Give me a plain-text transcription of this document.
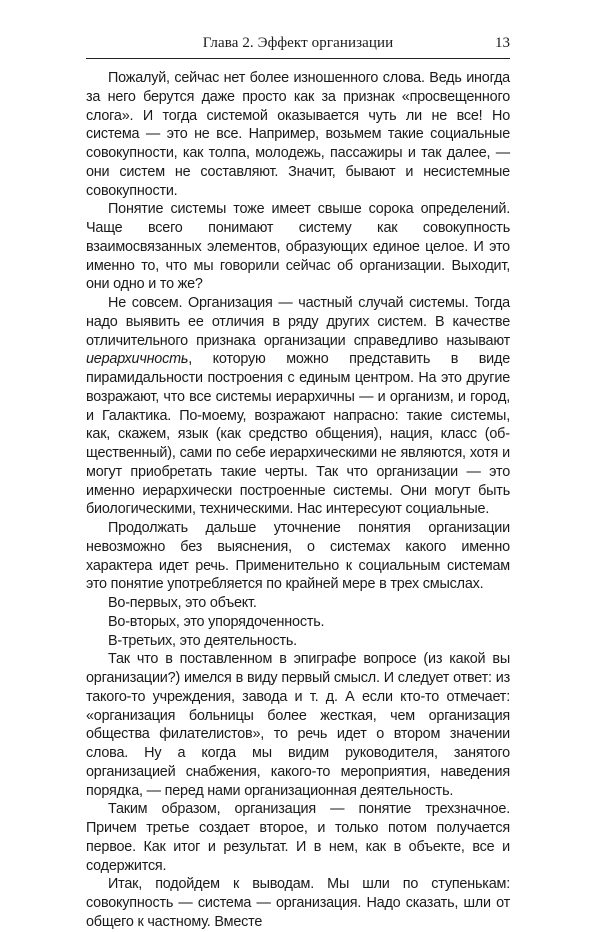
Глава 2. Эффект организации	13

Пожалуй, сейчас нет более изношенного слова. Ведь иногда за него берутся даже просто как за признак «просвещенного слога». И тогда системой оказывается чуть ли не все! Но система — это не все. Например, возьмем такие социальные совокупности, как толпа, молодежь, пассажиры и так далее, — они систем не составляют. Значит, бывают и несистемные совокупности.

Понятие системы тоже имеет свыше сорока определений. Чаще всего понимают систему как совокупность взаимосвязанных элементов, образующих единое целое. И это именно то, что мы говорили сейчас об организации. Выходит, они одно и то же?

Не совсем. Организация — частный случай системы. Тогда надо выявить ее отличия в ряду других систем. В качестве отличительного признака организации справедливо называют иерархичность, которую можно представить в виде пирамидальности построения с единым центром. На это другие возражают, что все системы иерархичны — и организм, и город, и Галактика. По-моему, возражают напрасно: такие системы, как, скажем, язык (как средство общения), нация, класс (общественный), сами по себе иерархическими не являются, хотя и могут приобретать такие черты. Так что организации — это именно иерархически построенные системы. Они могут быть биологическими, техническими. Нас интересуют социальные.

Продолжать дальше уточнение понятия организации невозможно без выяснения, о системах какого именно характера идет речь. Применительно к социальным системам это понятие употребляется по крайней мере в трех смыслах.

Во-первых, это объект.

Во-вторых, это упорядоченность.

В-третьих, это деятельность.

Так что в поставленном в эпиграфе вопросе (из какой вы организации?) имелся в виду первый смысл. И следует ответ: из такого-то учреждения, завода и т. д. А если кто-то отмечает: «организация больницы более жесткая, чем организация общества филателистов», то речь идет о втором значении слова. Ну а когда мы видим руководителя, занятого организацией снабжения, какого-то мероприятия, наведения порядка, — перед нами организационная деятельность.

Таким образом, организация — понятие трехзначное. Причем третье создает второе, и только потом получается первое. Как итог и результат. И в нем, как в объекте, все и содержится.

Итак, подойдем к выводам. Мы шли по ступенькам: совокупность — система — организация. Надо сказать, шли от общего к частному. Вместе
